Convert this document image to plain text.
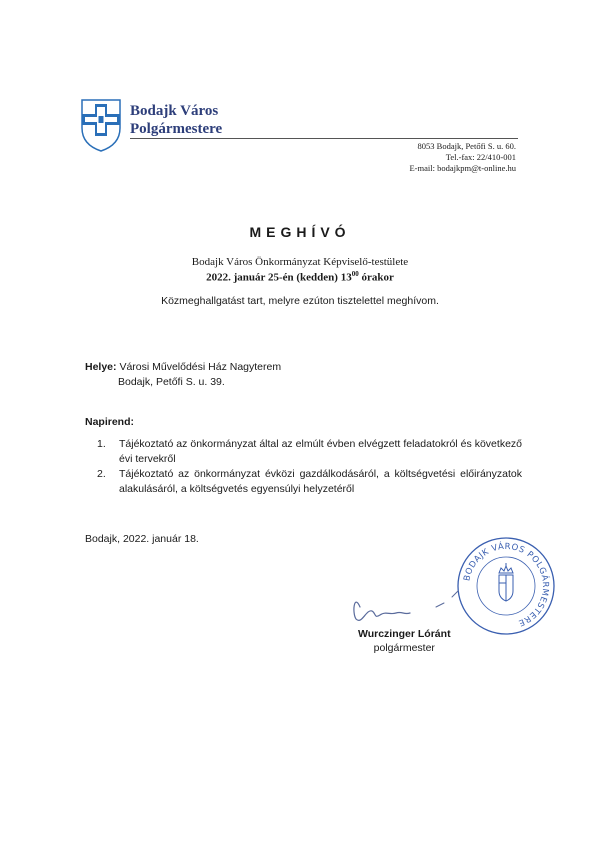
Bodajk Város
Polgármestere
8053 Bodajk, Petőfi S. u. 60.
Tel.-fax: 22/410-001
E-mail: bodajkpm@t-online.hu
MEGHÍVÓ
Bodajk Város Önkormányzat Képviselő-testülete
2022. január 25-én (kedden) $13^{00}$ órakor
Közmeghallgatást tart, melyre ezúton tisztelettel meghívom.
Helye: Városi Művelődési Ház Nagyterem
Bodajk, Petőfi S. u. 39.
Napirend:
1. Tájékoztató az önkormányzat által az elmúlt évben elvégzett feladatokról és következő évi tervekről
2. Tájékoztató az önkormányzat évközi gazdálkodásáról, a költségvetési előirányzatok alakulásáról, a költségvetés egyensúlyi helyzetéről
Bodajk, 2022. január 18.
BODAJK VÁROS POLGÁRMESTERE
Wurczinger Lóránt
polgármester
